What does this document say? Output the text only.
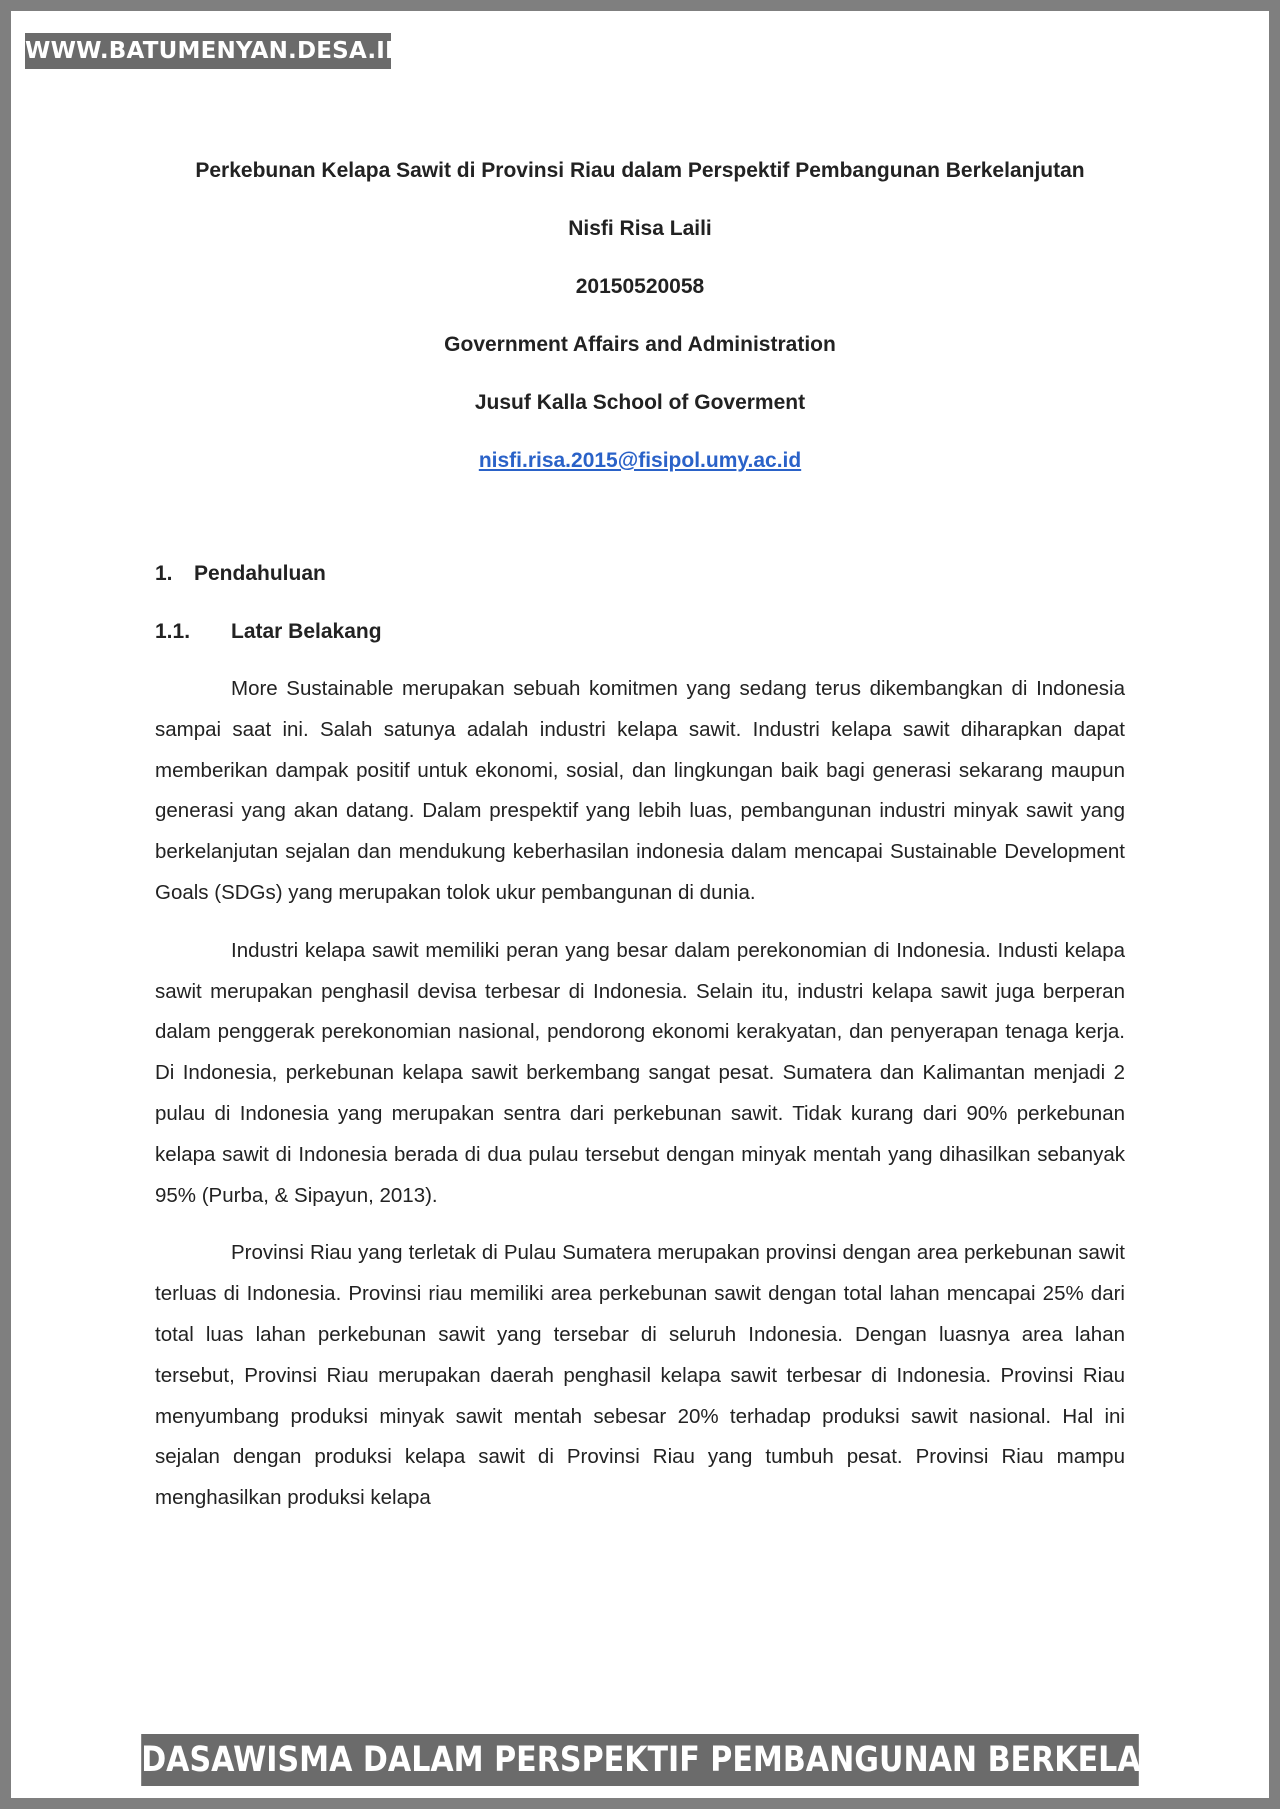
WWW.BATUMENYAN.DESA.ID

Perkebunan Kelapa Sawit di Provinsi Riau dalam Perspektif Pembangunan Berkelanjutan

Nisfi Risa Laili

20150520058

Government Affairs and Administration

Jusuf Kalla School of Goverment

nisfi.risa.2015@fisipol.umy.ac.id

1. Pendahuluan

1.1. Latar Belakang

More Sustainable merupakan sebuah komitmen yang sedang terus dikembangkan di Indonesia sampai saat ini. Salah satunya adalah industri kelapa sawit. Industri kelapa sawit diharapkan dapat memberikan dampak positif untuk ekonomi, sosial, dan lingkungan baik bagi generasi sekarang maupun generasi yang akan datang. Dalam prespektif yang lebih luas, pembangunan industri minyak sawit yang berkelanjutan sejalan dan mendukung keberhasilan indonesia dalam mencapai Sustainable Development Goals (SDGs) yang merupakan tolok ukur pembangunan di dunia.

Industri kelapa sawit memiliki peran yang besar dalam perekonomian di Indonesia. Industi kelapa sawit merupakan penghasil devisa terbesar di Indonesia. Selain itu, industri kelapa sawit juga berperan dalam penggerak perekonomian nasional, pendorong ekonomi kerakyatan, dan penyerapan tenaga kerja. Di Indonesia, perkebunan kelapa sawit berkembang sangat pesat. Sumatera dan Kalimantan menjadi 2 pulau di Indonesia yang merupakan sentra dari perkebunan sawit. Tidak kurang dari 90% perkebunan kelapa sawit di Indonesia berada di dua pulau tersebut dengan minyak mentah yang dihasilkan sebanyak 95% (Purba, & Sipayun, 2013).

Provinsi Riau yang terletak di Pulau Sumatera merupakan provinsi dengan area perkebunan sawit terluas di Indonesia. Provinsi riau memiliki area perkebunan sawit dengan total lahan mencapai 25% dari total luas lahan perkebunan sawit yang tersebar di seluruh Indonesia. Dengan luasnya area lahan tersebut, Provinsi Riau merupakan daerah penghasil kelapa sawit terbesar di Indonesia. Provinsi Riau menyumbang produksi minyak sawit mentah sebesar 20% terhadap produksi sawit nasional. Hal ini sejalan dengan produksi kelapa sawit di Provinsi Riau yang tumbuh pesat. Provinsi Riau mampu menghasilkan produksi kelapa

DASAWISMA DALAM PERSPEKTIF PEMBANGUNAN BERKELANJUTAN
